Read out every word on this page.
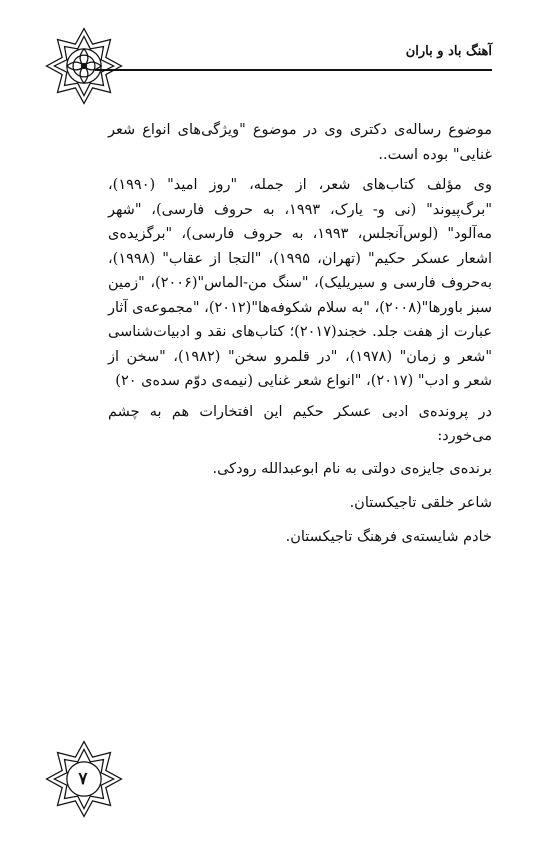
آهنگ باد و باران

موضوع رساله‌ی دکتری وی در موضوع "ویژگی‌های انواع شعر غنایی" بوده است..

وی مؤلف کتاب‌های شعر، از جمله، "روز امید" (۱۹۹۰)، "برگ‌پیوند" (نی و- یارک، ۱۹۹۳، به حروف فارسی)، "شهر مه‌آلود" (لوس‌آنجلس، ۱۹۹۳، به حروف فارسی)، "برگزیده‌ی اشعار عسکر حکیم" (تهران، ۱۹۹۵)، "التجا از عقاب" (۱۹۹۸)، به‌حروف فارسی و سیریلیک)، "سنگ من-الماس"(۲۰۰۶)، "زمین سبز باورها"(۲۰۰۸)، "به سلام شکوفه‌ها"(۲۰۱۲)، "مجموعه‌ی آثار عبارت از هفت جلد. خجند(۲۰۱۷)؛ کتاب‌های نقد و ادبیات‌شناسی "شعر و زمان" (۱۹۷۸)، "در قلمرو سخن" (۱۹۸۲)، "سخن از شعر و ادب" (۲۰۱۷)، "انواع شعر غنایی (نیمه‌ی دوّم سده‌ی ۲۰)

در پرونده‌ی ادبی عسکر حکیم این افتخارات هم به چشم می‌خورد:

برنده‌ی جایزه‌ی دولتی به نام ابوعبدالله رودکی.

شاعر خلقی تاجیکستان.

خادم شایسته‌ی فرهنگ تاجیکستان.

۷
